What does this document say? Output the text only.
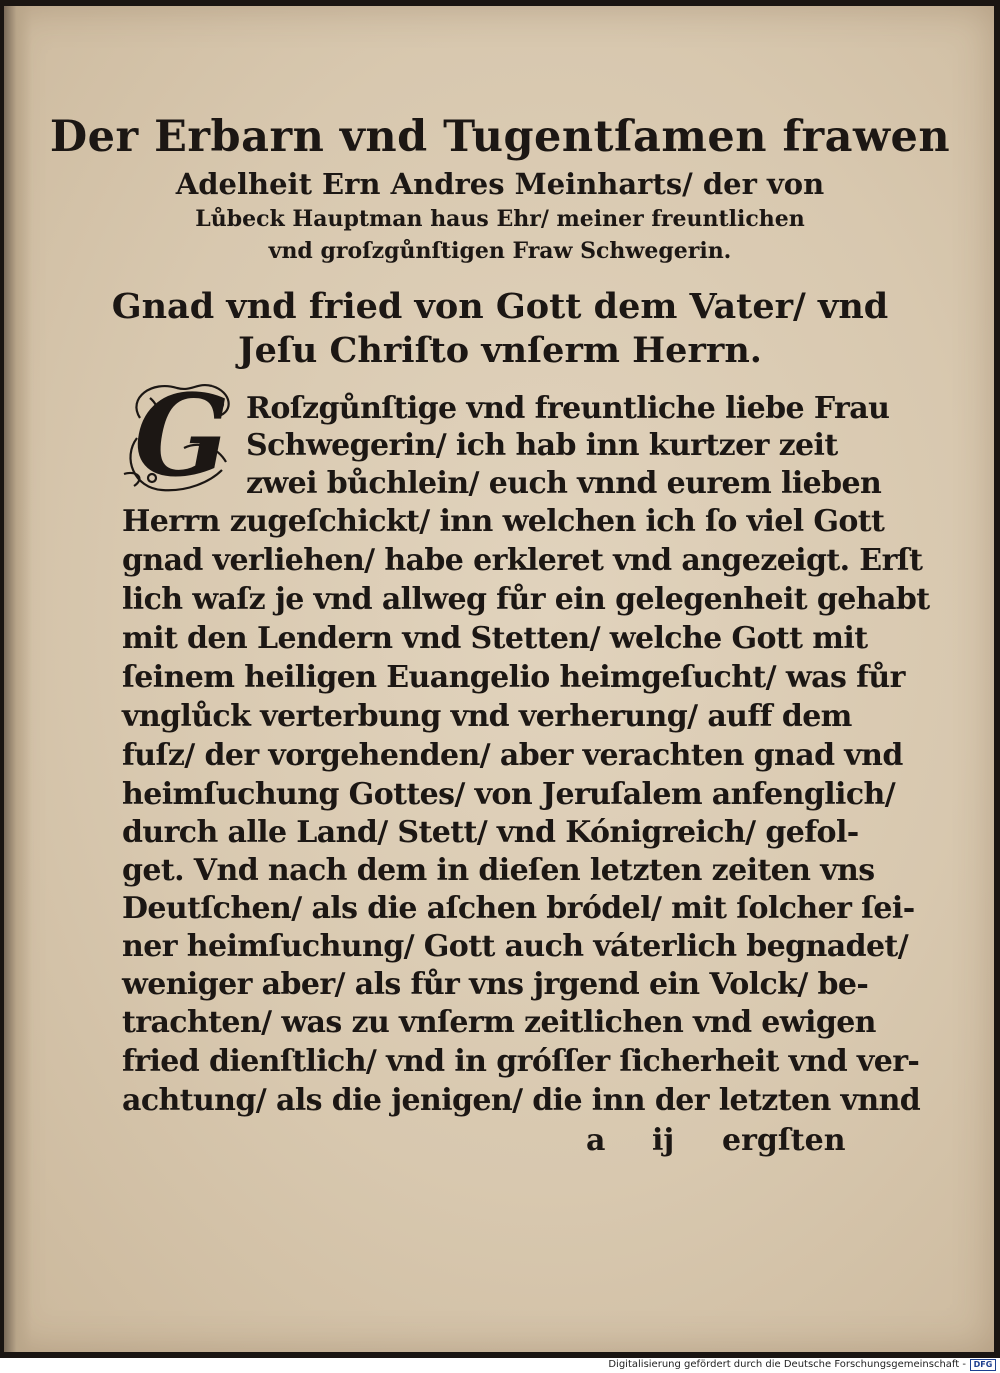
Der Erbarn vnd Tugentſamen frawen
Adelheit Ern Andres Meinharts/ der von
Lůbeck Hauptman haus Ehr/ meiner freuntlichen
vnd groſzgůnſtigen Fraw Schwegerin.
Gnad vnd fried von Gott dem Vater/ vnd
Jeſu Chriſto vnſerm Herrn.
G Roſzgůnſtige vnd freuntliche liebe Frau
Schwegerin/ ich hab inn kurtzer zeit
zwei bůchlein/ euch vnnd eurem lieben
Herrn zugeſchickt/ inn welchen ich ſo viel Gott
gnad verliehen/ habe erkleret vnd angezeigt. Erſt
lich waſz je vnd allweg fůr ein gelegenheit gehabt
mit den Lendern vnd Stetten/ welche Gott mit
ſeinem heiligen Euangelio heimgeſucht/ was fůr
vnglůck verterbung vnd verherung/ auff dem
fuſz/ der vorgehenden/ aber verachten gnad vnd
heimſuchung Gottes/ von Jeruſalem anfenglich/
durch alle Land/ Stett/ vnd Kónigreich/ gefol-
get. Vnd nach dem in dieſen letzten zeiten vns
Deutſchen/ als die aſchen bródel/ mit ſolcher ſei-
ner heimſuchung/ Gott auch váterlich begnadet/
weniger aber/ als fůr vns jrgend ein Volck/ be-
trachten/ was zu vnſerm zeitlichen vnd ewigen
fried dienſtlich/ vnd in gróſſer ſicherheit vnd ver-
achtung/ als die jenigen/ die inn der letzten vnnd
a ij ergſten
Digitalisierung gefördert durch die Deutsche Forschungsgemeinschaft - DFG
